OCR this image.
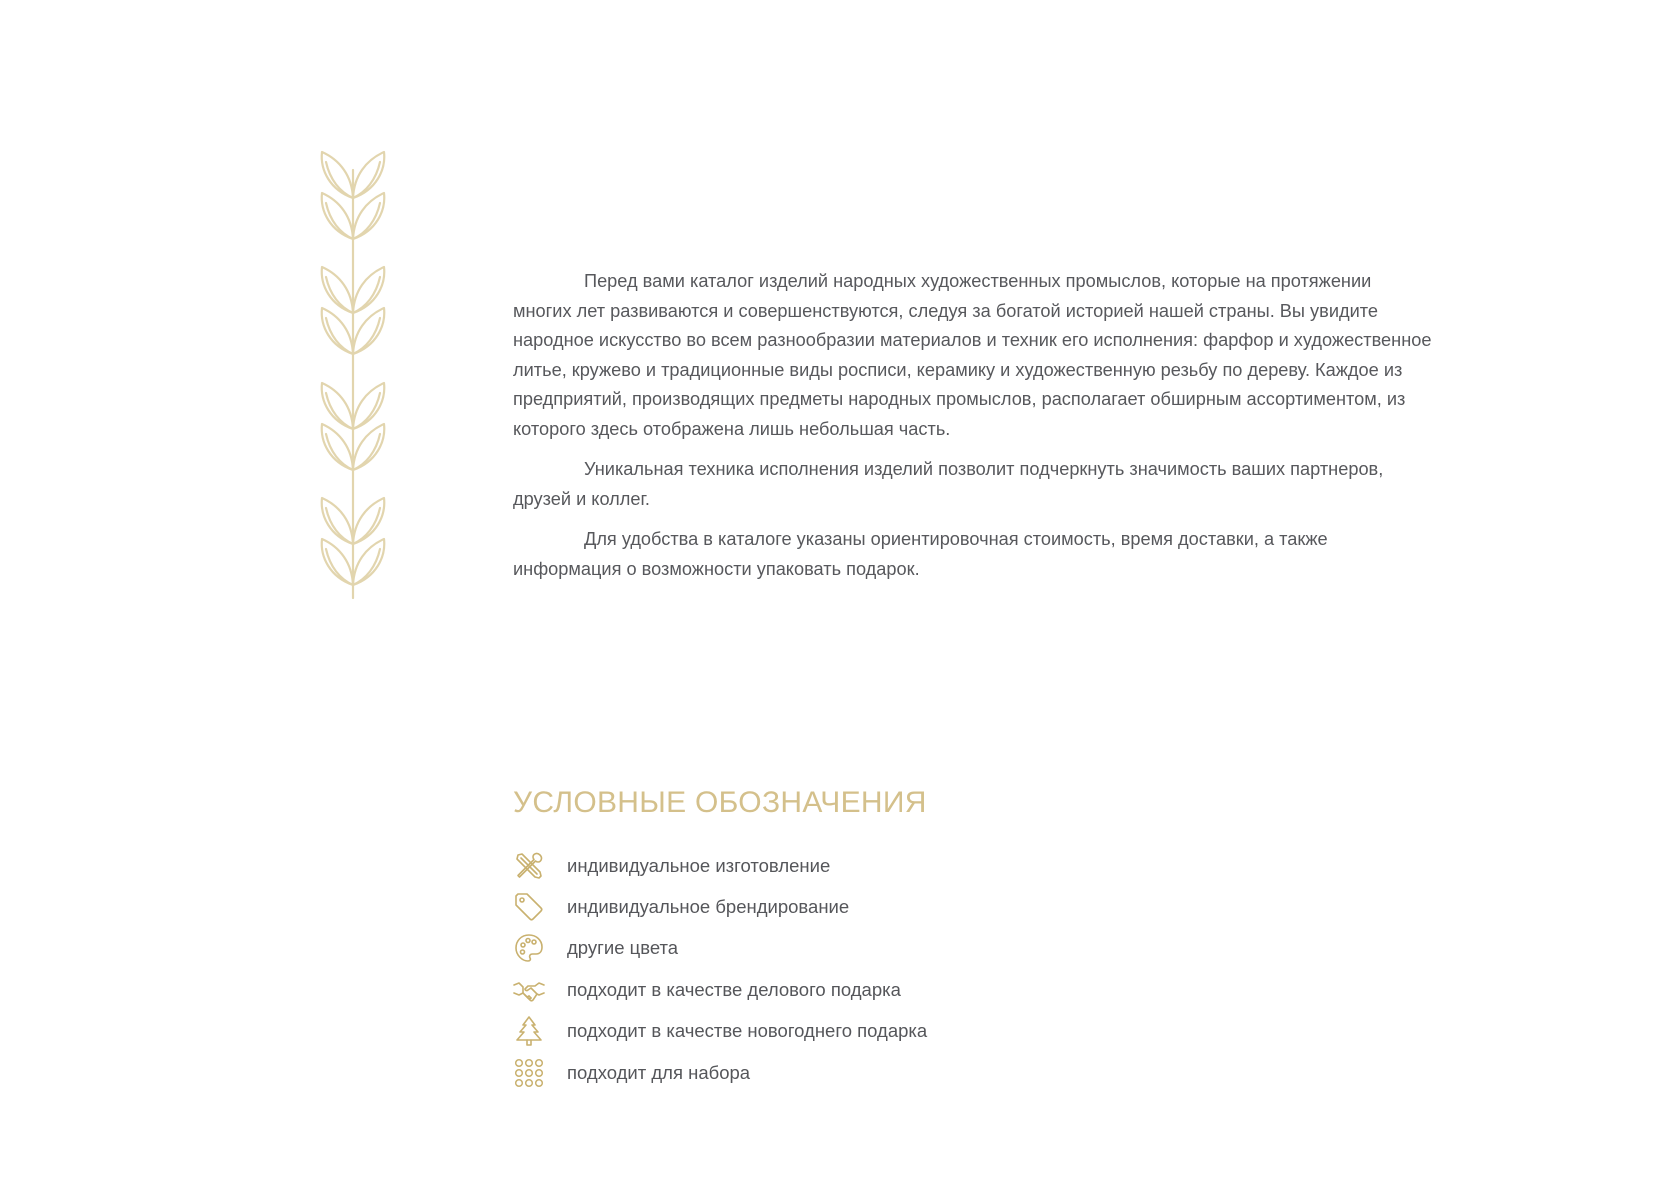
Перед вами каталог изделий народных художественных промыслов, которые на протяжении многих лет развиваются и совершенствуются, следуя за богатой историей нашей страны. Вы увидите народное искусство во всем разнообразии материалов и техник его исполнения: фарфор и художественное литье, кружево и традиционные виды росписи, керамику и художественную резьбу по дереву. Каждое из предприятий, производящих предметы народных промыслов, располагает обширным ассортиментом, из которого здесь отображена лишь небольшая часть.

Уникальная техника исполнения изделий позволит подчеркнуть значимость ваших партнеров, друзей и коллег.

Для удобства в каталоге указаны ориентировочная стоимость, время доставки, а также информация о возможности упаковать подарок.

УСЛОВНЫЕ ОБОЗНАЧЕНИЯ
индивидуальное изготовление
индивидуальное брендирование
другие цвета
подходит в качестве делового подарка
подходит в качестве новогоднего подарка
подходит для набора
